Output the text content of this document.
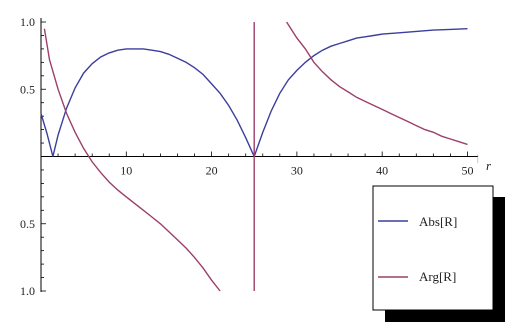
10	20	30	40	50
1.0
0.5
0.5
1.0
r
|
Abs[R]
Arg[R]
